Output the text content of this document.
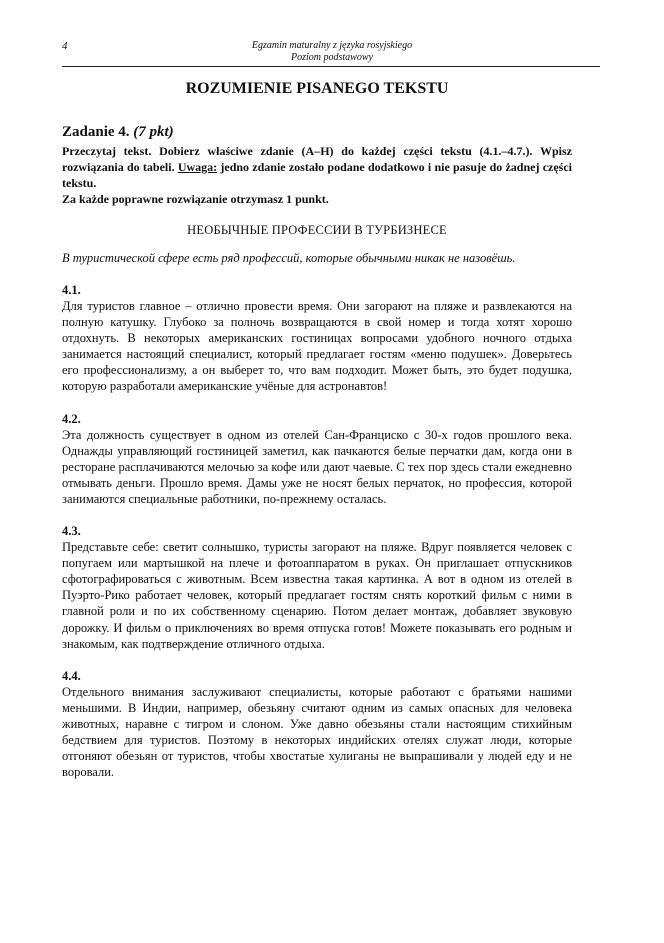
4	Egzamin maturalny z języka rosyjskiego
Poziom podstawowy
ROZUMIENIE PISANEGO TEKSTU
Zadanie 4. (7 pkt)

Przeczytaj tekst. Dobierz właściwe zdanie (A–H) do każdej części tekstu (4.1.–4.7.). Wpisz rozwiązania do tabeli. Uwaga: jedno zdanie zostało podane dodatkowo i nie pasuje do żadnej części tekstu.

Za każde poprawne rozwiązanie otrzymasz 1 punkt.

НЕОБЫЧНЫЕ ПРОФЕССИИ В ТУРБИЗНЕСЕ
В туристической сфере есть ряд профессий, которые обычными никак не назовёшь.
4.1.

Для туристов главное – отлично провести время. Они загорают на пляже и развлекаются на полную катушку. Глубоко за полночь возвращаются в свой номер и тогда хотят хорошо отдохнуть. В некоторых американских гостиницах вопросами удобного ночного отдыха занимается настоящий специалист, который предлагает гостям «меню подушек». Доверьтесь его профессионализму, а он выберет то, что вам подходит. Может быть, это будет подушка, которую разработали американские учёные для астронавтов!

4.2.

Эта должность существует в одном из отелей Сан-Франциско с 30-х годов прошлого века. Однажды управляющий гостиницей заметил, как пачкаются белые перчатки дам, когда они в ресторане расплачиваются мелочью за кофе или дают чаевые. С тех пор здесь стали ежедневно отмывать деньги. Прошло время. Дамы уже не носят белых перчаток, но профессия, которой занимаются специальные работники, по-прежнему осталась.

4.3.

Представьте себе: светит солнышко, туристы загорают на пляже. Вдруг появляется человек с попугаем или мартышкой на плече и фотоаппаратом в руках. Он приглашает отпускников сфотографироваться с животным. Всем известна такая картинка. А вот в одном из отелей в Пуэрто-Рико работает человек, который предлагает гостям снять короткий фильм с ними в главной роли и по их собственному сценарию. Потом делает монтаж, добавляет звуковую дорожку. И фильм о приключениях во время отпуска готов! Можете показывать его родным и знакомым, как подтверждение отличного отдыха.

4.4.

Отдельного внимания заслуживают специалисты, которые работают с братьями нашими меньшими. В Индии, например, обезьяну считают одним из самых опасных для человека животных, наравне с тигром и слоном. Уже давно обезьяны стали настоящим стихийным бедствием для туристов. Поэтому в некоторых индийских отелях служат люди, которые отгоняют обезьян от туристов, чтобы хвостатые хулиганы не выпрашивали у людей еду и не воровали.
